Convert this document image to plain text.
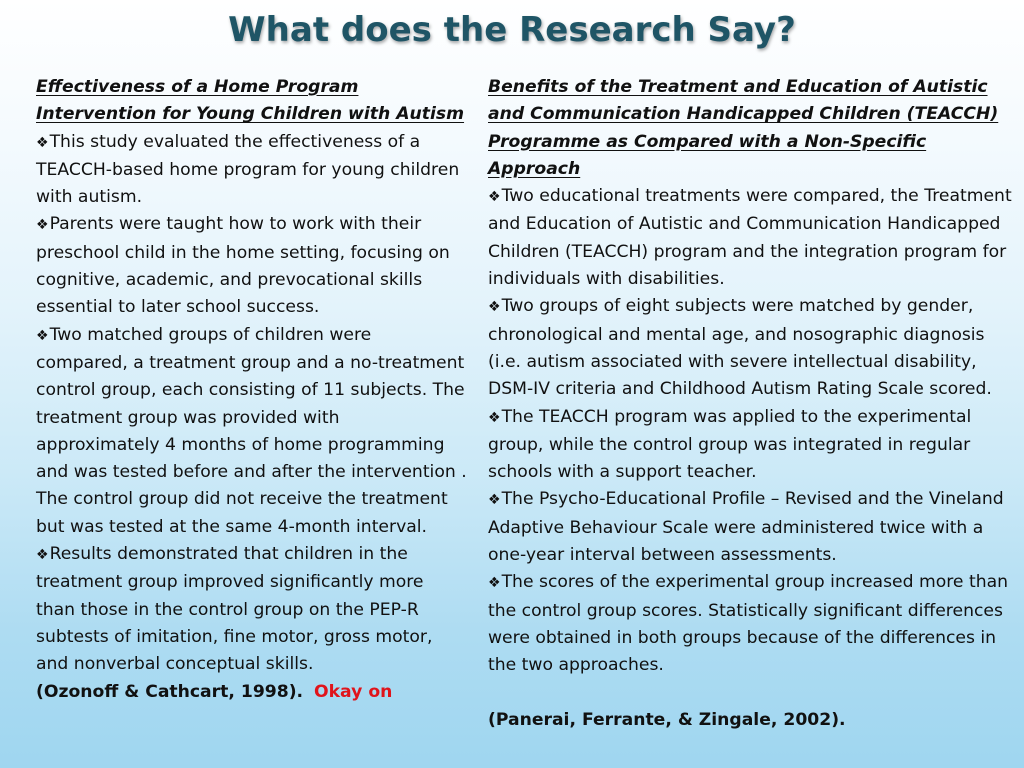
What does the Research Say?
Effectiveness of a Home Program Intervention for Young Children with Autism

❖This study evaluated the effectiveness of a TEACCH-based home program for young children with autism.

❖Parents were taught how to work with their preschool child in the home setting, focusing on cognitive, academic, and prevocational skills essential to later school success.

❖Two matched groups of children were compared, a treatment group and a no-treatment control group, each consisting of 11 subjects. The treatment group was provided with approximately 4 months of home programming and was tested before and after the intervention . The control group did not receive the treatment but was tested at the same 4-month interval.

❖Results demonstrated that children in the treatment group improved significantly more than those in the control group on the PEP-R subtests of imitation, fine motor, gross motor, and nonverbal conceptual skills.

(Ozonoff & Cathcart, 1998). Okay on

Benefits of the Treatment and Education of Autistic and Communication Handicapped Children (TEACCH) Programme as Compared with a Non-Specific Approach

❖Two educational treatments were compared, the Treatment and Education of Autistic and Communication Handicapped Children (TEACCH) program and the integration program for individuals with disabilities.

❖Two groups of eight subjects were matched by gender, chronological and mental age, and nosographic diagnosis (i.e. autism associated with severe intellectual disability, DSM-IV criteria and Childhood Autism Rating Scale scored.

❖The TEACCH program was applied to the experimental group, while the control group was integrated in regular schools with a support teacher.

❖The Psycho-Educational Profile – Revised and the Vineland Adaptive Behaviour Scale were administered twice with a one-year interval between assessments.

❖The scores of the experimental group increased more than the control group scores. Statistically significant differences were obtained in both groups because of the differences in the two approaches.

(Panerai, Ferrante, & Zingale, 2002).
